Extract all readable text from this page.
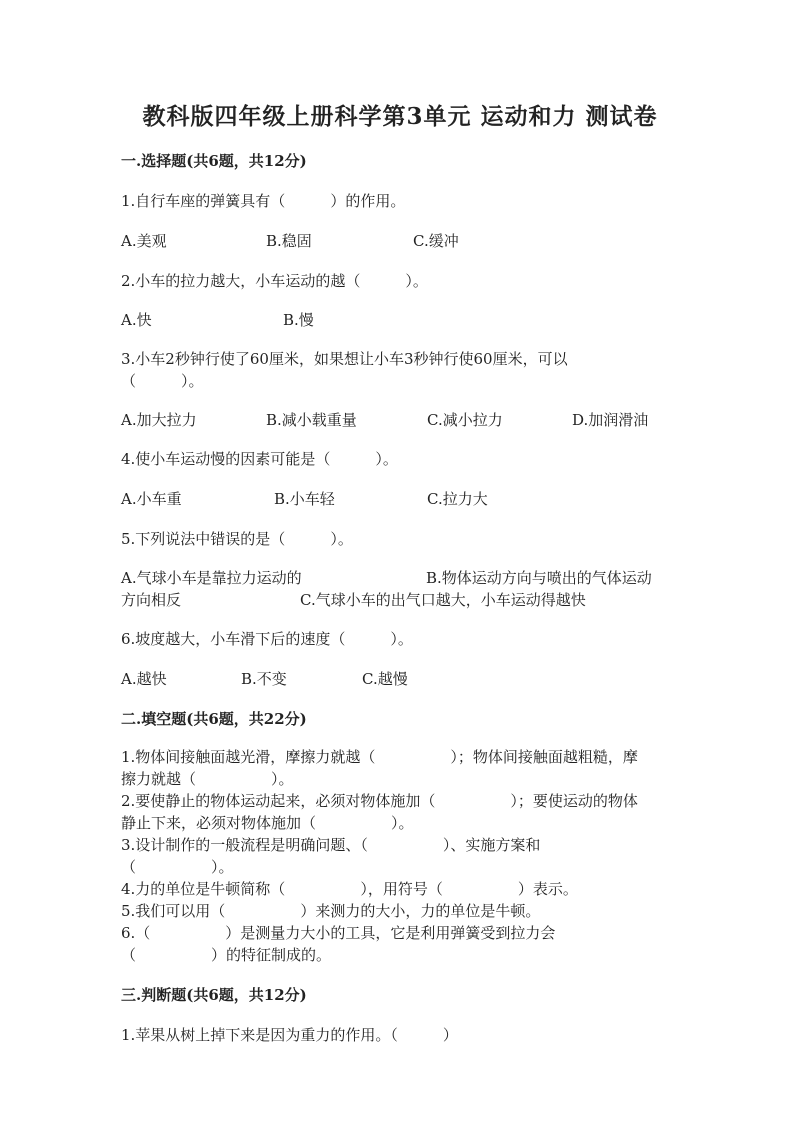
教科版四年级上册科学第3单元 运动和力 测试卷
一.选择题(共6题，共12分)
1.自行车座的弹簧具有（　　　）的作用。
A.美观	B.稳固	C.缓冲
2.小车的拉力越大，小车运动的越（　　　）。
A.快	B.慢
3.小车2秒钟行使了60厘米，如果想让小车3秒钟行使60厘米，可以
（　　　）。
A.加大拉力	B.减小载重量	C.减小拉力	D.加润滑油
4.使小车运动慢的因素可能是（　　　）。
A.小车重	B.小车轻	C.拉力大
5.下列说法中错误的是（　　　）。
A.气球小车是靠拉力运动的	B.物体运动方向与喷出的气体运动
方向相反	C.气球小车的出气口越大，小车运动得越快
6.坡度越大，小车滑下后的速度（　　　）。
A.越快	B.不变	C.越慢
二.填空题(共6题，共22分)
1.物体间接触面越光滑，摩擦力就越（　　　　　）；物体间接触面越粗糙，摩
擦力就越（　　　　　）。
2.要使静止的物体运动起来，必须对物体施加（　　　　　）；要使运动的物体
静止下来，必须对物体施加（　　　　　）。
3.设计制作的一般流程是明确问题、（　　　　　）、实施方案和
（　　　　　）。
4.力的单位是牛顿简称（　　　　　），用符号（　　　　　）表示。
5.我们可以用（　　　　　）来测力的大小，力的单位是牛顿。
6.（　　　　　）是测量力大小的工具，它是利用弹簧受到拉力会
（　　　　　）的特征制成的。
三.判断题(共6题，共12分)
1.苹果从树上掉下来是因为重力的作用。（　　　）
